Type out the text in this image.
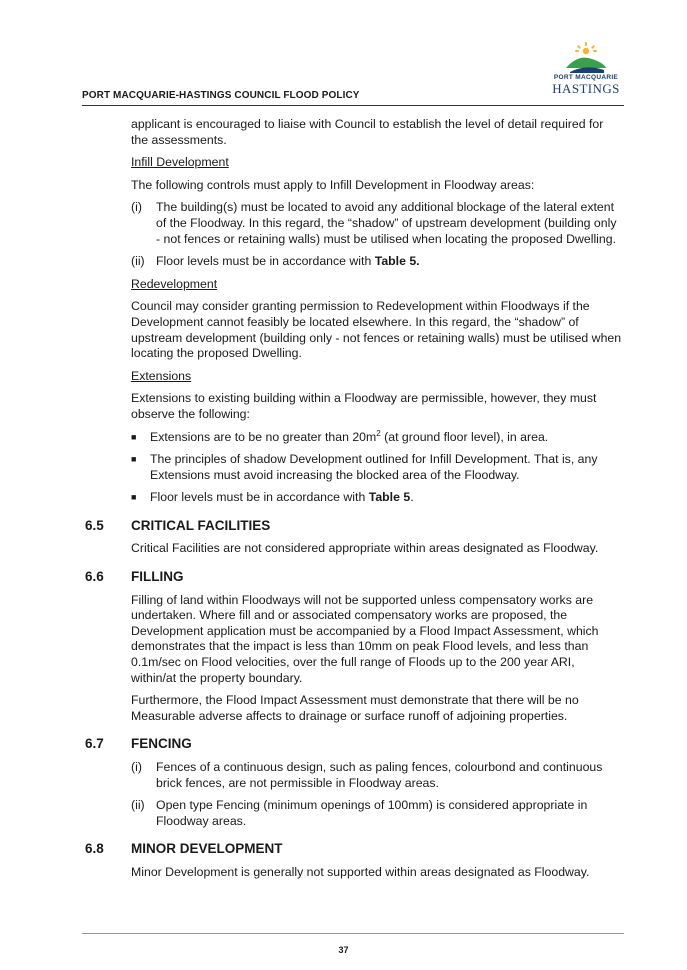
PORT MACQUARIE
HASTINGS
PORT MACQUARIE-HASTINGS COUNCIL FLOOD POLICY

applicant is encouraged to liaise with Council to establish the level of detail required for the assessments.

Infill Development

The following controls must apply to Infill Development in Floodway areas:

(i) The building(s) must be located to avoid any additional blockage of the lateral extent of the Floodway. In this regard, the “shadow” of upstream development (building only - not fences or retaining walls) must be utilised when locating the proposed Dwelling.
(ii) Floor levels must be in accordance with Table 5.

Redevelopment

Council may consider granting permission to Redevelopment within Floodways if the Development cannot feasibly be located elsewhere. In this regard, the “shadow” of upstream development (building only - not fences or retaining walls) must be utilised when locating the proposed Dwelling.

Extensions

Extensions to existing building within a Floodway are permissible, however, they must observe the following:

■ Extensions are to be no greater than $20m^2$ (at ground floor level), in area.
■ The principles of shadow Development outlined for Infill Development. That is, any Extensions must avoid increasing the blocked area of the Floodway.
■ Floor levels must be in accordance with Table 5.
6.5 CRITICAL FACILITIES

Critical Facilities are not considered appropriate within areas designated as Floodway.

6.6 FILLING

Filling of land within Floodways will not be supported unless compensatory works are undertaken. Where fill and or associated compensatory works are proposed, the Development application must be accompanied by a Flood Impact Assessment, which demonstrates that the impact is less than 10mm on peak Flood levels, and less than 0.1m/sec on Flood velocities, over the full range of Floods up to the 200 year ARI, within/at the property boundary.

Furthermore, the Flood Impact Assessment must demonstrate that there will be no Measurable adverse affects to drainage or surface runoff of adjoining properties.

6.7 FENCING
(i) Fences of a continuous design, such as paling fences, colourbond and continuous brick fences, are not permissible in Floodway areas.
(ii) Open type Fencing (minimum openings of 100mm) is considered appropriate in Floodway areas.
6.8 MINOR DEVELOPMENT

Minor Development is generally not supported within areas designated as Floodway.

37
